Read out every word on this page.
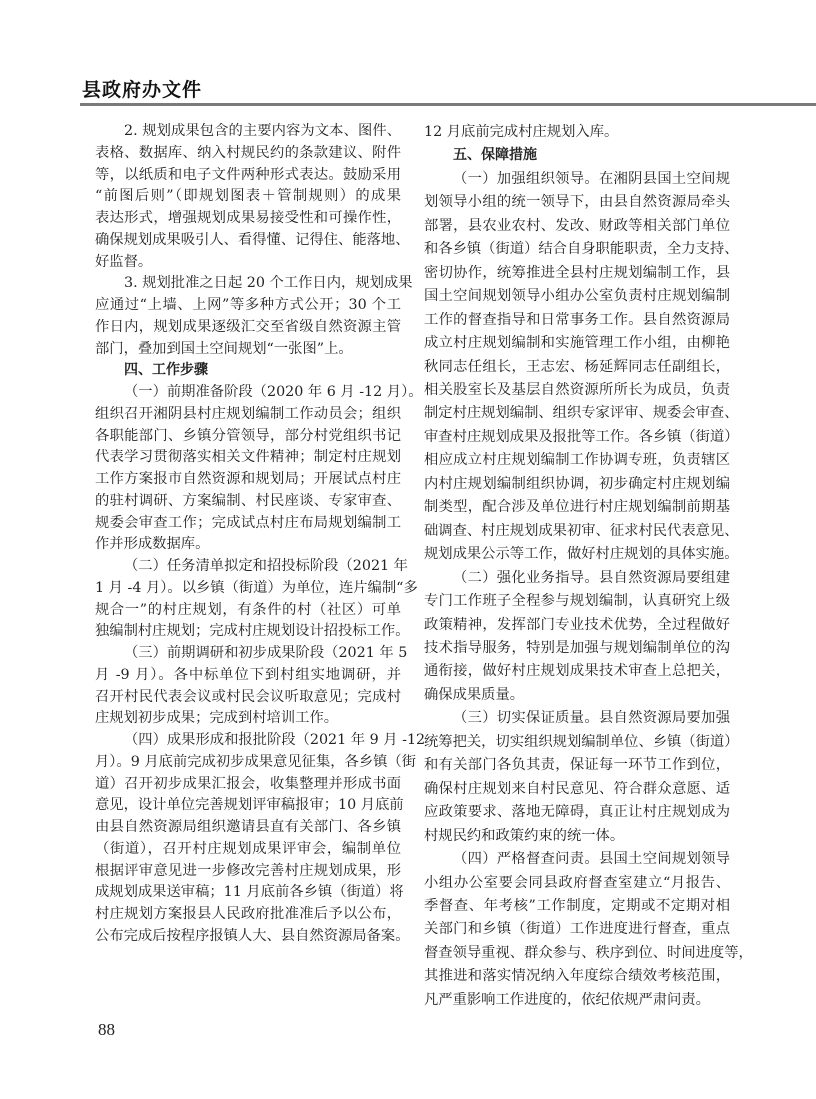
县政府办文件
2. 规划成果包含的主要内容为文本、图件、
表格、数据库、纳入村规民约的条款建议、附件
等，以纸质和电子文件两种形式表达。鼓励采用
“前图后则”（即规划图表＋管制规则）的成果
表达形式，增强规划成果易接受性和可操作性，
确保规划成果吸引人、看得懂、记得住、能落地、
好监督。
3. 规划批准之日起 20 个工作日内，规划成果
应通过“上墙、上网”等多种方式公开；30 个工
作日内，规划成果逐级汇交至省级自然资源主管
部门，叠加到国土空间规划“一张图”上。
四、工作步骤
（一）前期准备阶段（2020 年 6 月 -12 月）。
组织召开湘阴县村庄规划编制工作动员会；组织
各职能部门、乡镇分管领导，部分村党组织书记
代表学习贯彻落实相关文件精神；制定村庄规划
工作方案报市自然资源和规划局；开展试点村庄
的驻村调研、方案编制、村民座谈、专家审查、
规委会审查工作；完成试点村庄布局规划编制工
作并形成数据库。
（二）任务清单拟定和招投标阶段（2021 年
1 月 -4 月）。以乡镇（街道）为单位，连片编制“多
规合一”的村庄规划，有条件的村（社区）可单
独编制村庄规划；完成村庄规划设计招投标工作。
（三）前期调研和初步成果阶段（2021 年 5
月 -9 月）。各中标单位下到村组实地调研，并
召开村民代表会议或村民会议听取意见；完成村
庄规划初步成果；完成到村培训工作。
（四）成果形成和报批阶段（2021 年 9 月 -12
月）。9 月底前完成初步成果意见征集，各乡镇（街
道）召开初步成果汇报会，收集整理并形成书面
意见，设计单位完善规划评审稿报审；10 月底前
由县自然资源局组织邀请县直有关部门、各乡镇
（街道），召开村庄规划成果评审会，编制单位
根据评审意见进一步修改完善村庄规划成果，形
成规划成果送审稿；11 月底前各乡镇（街道）将
村庄规划方案报县人民政府批准准后予以公布，
公布完成后按程序报镇人大、县自然资源局备案。
12 月底前完成村庄规划入库。
五、保障措施
（一）加强组织领导。在湘阴县国土空间规
划领导小组的统一领导下，由县自然资源局牵头
部署，县农业农村、发改、财政等相关部门单位
和各乡镇（街道）结合自身职能职责，全力支持、
密切协作，统筹推进全县村庄规划编制工作，县
国土空间规划领导小组办公室负责村庄规划编制
工作的督查指导和日常事务工作。县自然资源局
成立村庄规划编制和实施管理工作小组，由柳艳
秋同志任组长，王志宏、杨延辉同志任副组长，
相关股室长及基层自然资源所所长为成员，负责
制定村庄规划编制、组织专家评审、规委会审查、
审查村庄规划成果及报批等工作。各乡镇（街道）
相应成立村庄规划编制工作协调专班，负责辖区
内村庄规划编制组织协调，初步确定村庄规划编
制类型，配合涉及单位进行村庄规划编制前期基
础调查、村庄规划成果初审、征求村民代表意见、
规划成果公示等工作，做好村庄规划的具体实施。
（二）强化业务指导。县自然资源局要组建
专门工作班子全程参与规划编制，认真研究上级
政策精神，发挥部门专业技术优势，全过程做好
技术指导服务，特别是加强与规划编制单位的沟
通衔接，做好村庄规划成果技术审查上总把关，
确保成果质量。
（三）切实保证质量。县自然资源局要加强
统筹把关，切实组织规划编制单位、乡镇（街道）
和有关部门各负其责，保证每一环节工作到位，
确保村庄规划来自村民意见、符合群众意愿、适
应政策要求、落地无障碍，真正让村庄规划成为
村规民约和政策约束的统一体。
（四）严格督查问责。县国土空间规划领导
小组办公室要会同县政府督查室建立“月报告、
季督查、年考核”工作制度，定期或不定期对相
关部门和乡镇（街道）工作进度进行督查，重点
督查领导重视、群众参与、秩序到位、时间进度等，
其推进和落实情况纳入年度综合绩效考核范围，
凡严重影响工作进度的，依纪依规严肃问责。
88
